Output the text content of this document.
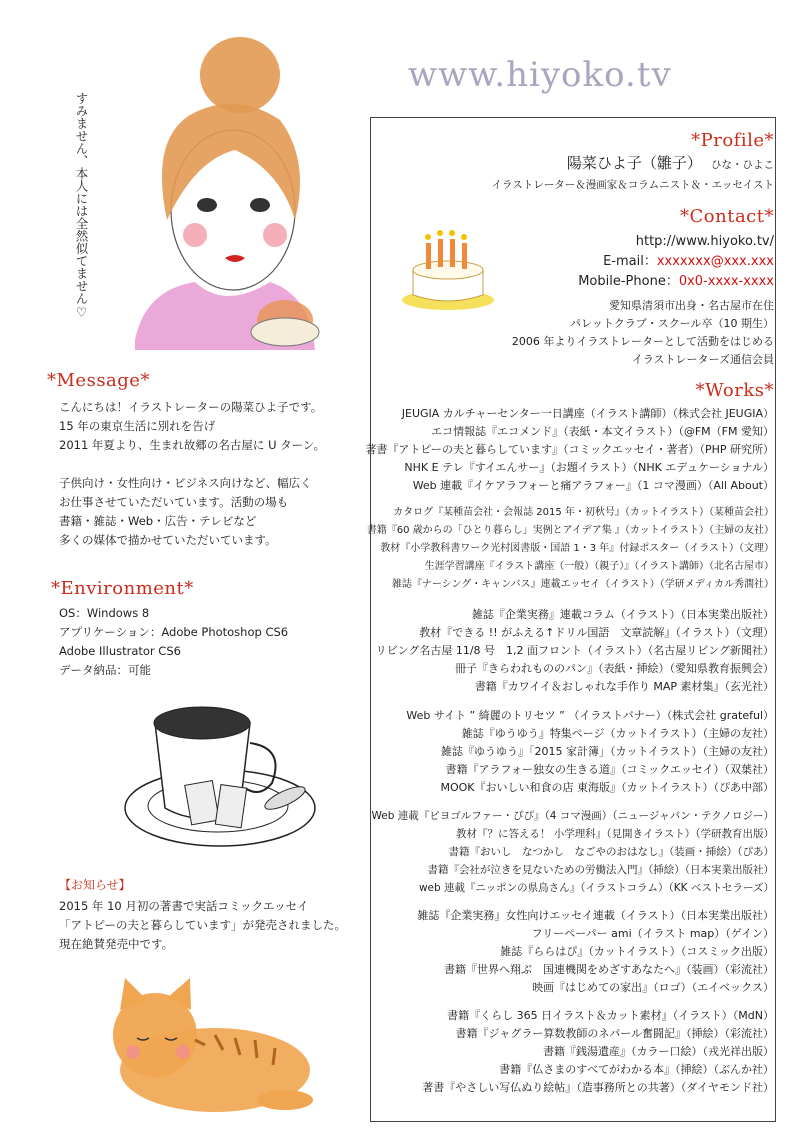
www.hiyoko.tv
すみません、本人には全然似てません♡
*Message*
こんにちは！イラストレーターの陽菜ひよ子です。
15 年の東京生活に別れを告げ
2011 年夏より、生まれ故郷の名古屋に U ターン。
子供向け・女性向け・ビジネス向けなど、幅広く
お仕事させていただいています。活動の場も
書籍・雑誌・Web・広告・テレビなど
多くの媒体で描かせていただいています。
*Environment*
OS：Windows 8
アプリケーション：Adobe Photoshop CS6
Adobe Illustrator CS6
データ納品：可能
【お知らせ】
2015 年 10 月初の著書で実話コミックエッセイ
「アトピーの夫と暮らしています」が発売されました。
現在絶賛発売中です。
*Profile*
陽菜ひよ子（雛子） ひな・ひよこ
イラストレーター＆漫画家＆コラムニスト＆・エッセイスト
*Contact*
http://www.hiyoko.tv/
E-mail：xxxxxxx@xxx.xxx
Mobile-Phone：0x0-xxxx-xxxx
愛知県清須市出身・名古屋市在住
パレットクラブ・スクール卒（10 期生）
2006 年よりイラストレーターとして活動をはじめる
イラストレーターズ通信会員
*Works*
JEUGIA カルチャーセンター一日講座（イラスト講師）（株式会社 JEUGIA）
エコ情報誌『エコメンド』（表紙・本文イラスト）（@FM（FM 愛知）
著書『アトピーの夫と暮らしています』（コミックエッセイ・著者）（PHP 研究所）
NHK E テレ『すイエんサー』（お題イラスト）（NHK エデュケーショナル）
Web 連載『イケアラフォーと痛アラフォー』（1 コマ漫画）（All About）
カタログ『某種苗会社・会報誌 2015 年・初秋号』（カットイラスト）（某種苗会社）
書籍『60 歳からの「ひとり暮らし」実例とアイデア集 』（カットイラスト）（主婦の友社）
教材『小学教科書ワーク光村図書版・国語 1・3 年』付録ポスター（イラスト）（文理）
生涯学習講座『イラスト講座（一般）（親子）』（イラスト講師）（北名古屋市）
雑誌『ナーシング・キャンバス』連載エッセイ（イラスト）（学研メディカル秀潤社）
雑誌『企業実務』連載コラム（イラスト）（日本実業出版社）
教材『できる !! がふえる↑ドリル国語　文章読解』（イラスト）（文理）
リビング名古屋 11/8 号　1,2 面フロント（イラスト）（名古屋リビング新聞社）
冊子『きらわれもののパン』（表紙・挿絵）（愛知県教育振興会）
書籍『カワイイ＆おしゃれな手作り MAP 素材集』（玄光社）
Web サイト ” 綺麗のトリセツ ” （イラストバナー）（株式会社 grateful）
雑誌『ゆうゆう』特集ページ（カットイラスト）（主婦の友社）
雑誌『ゆうゆう』「2015 家計簿」（カットイラスト）（主婦の友社）
書籍『アラフォー独女の生きる道』（コミックエッセイ）（双葉社）
MOOK『おいしい和食の店 東海版』（カットイラスト）（ぴあ中部）
Web 連載『ピヨゴルファー・ぴぴ』（4 コマ漫画）（ニュージャパン・テクノロジー）
教材『？に答える！ 小学理科』（見開きイラスト）（学研教育出版）
書籍『おいし　なつかし　なごやのおはなし』（装画・挿絵）（ぴあ）
書籍『会社が泣きを見ないための労働法入門』（挿絵）（日本実業出版社）
web 連載『ニッポンの県鳥さん』（イラストコラム）（KK ベストセラーズ）
雑誌『企業実務』女性向けエッセイ連載（イラスト）（日本実業出版社）
フリーペーパー ami（イラスト map）（ゲイン）
雑誌『ららはぴ』（カットイラスト）（コスミック出版）
書籍『世界へ翔ぶ　国連機関をめざすあなたへ』（装画）（彩流社）
映画『はじめての家出』（ロゴ）（エイベックス）
書籍『くらし 365 日イラスト＆カット素材』（イラスト）（MdN）
書籍『ジャグラー算数教師のネパール奮闘記』（挿絵）（彩流社）
書籍『銭湯遺産』（カラー口絵）（戎光祥出版）
書籍『仏さまのすべてがわかる本』（挿絵）（ぶんか社）
著書『やさしい写仏ぬり絵帖』（造事務所との共著）（ダイヤモンド社）
